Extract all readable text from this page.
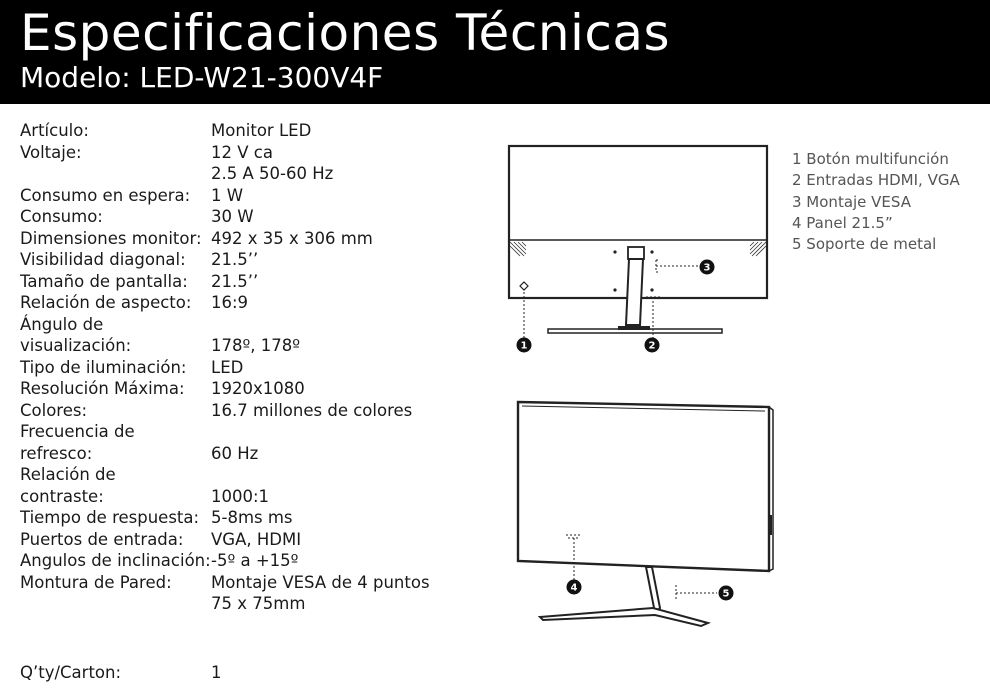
Especificaciones Técnicas
Modelo: LED-W21-300V4F
Artículo:	Monitor LED
Voltaje:	12 V ca
2.5 A 50-60 Hz
Consumo en espera:	1 W
Consumo:	30 W
Dimensiones monitor: 492 x 35 x 306 mm
Visibilidad diagonal:	21.5’’
Tamaño de pantalla:	21.5’’
Relación de aspecto:	16:9
Ángulo de

visualización:	178º, 178º
Tipo de iluminación:	LED
Resolución Máxima:	1920x1080
Colores:	16.7 millones de colores
Frecuencia de

refresco:	60 Hz
Relación de

contraste:	1000:1
Tiempo de respuesta: 5-8ms ms
Puertos de entrada:	VGA, HDMI
Angulos de inclinación: -5º a +15º
Montura de Pared:	Montaje VESA de 4 puntos
75 x 75mm
Q’ty/Carton:	1
1 Botón multifunción
2 Entradas HDMI, VGA
3 Montaje VESA
4 Panel 21.5”
5 Soporte de metal
1	2
3
4
5
